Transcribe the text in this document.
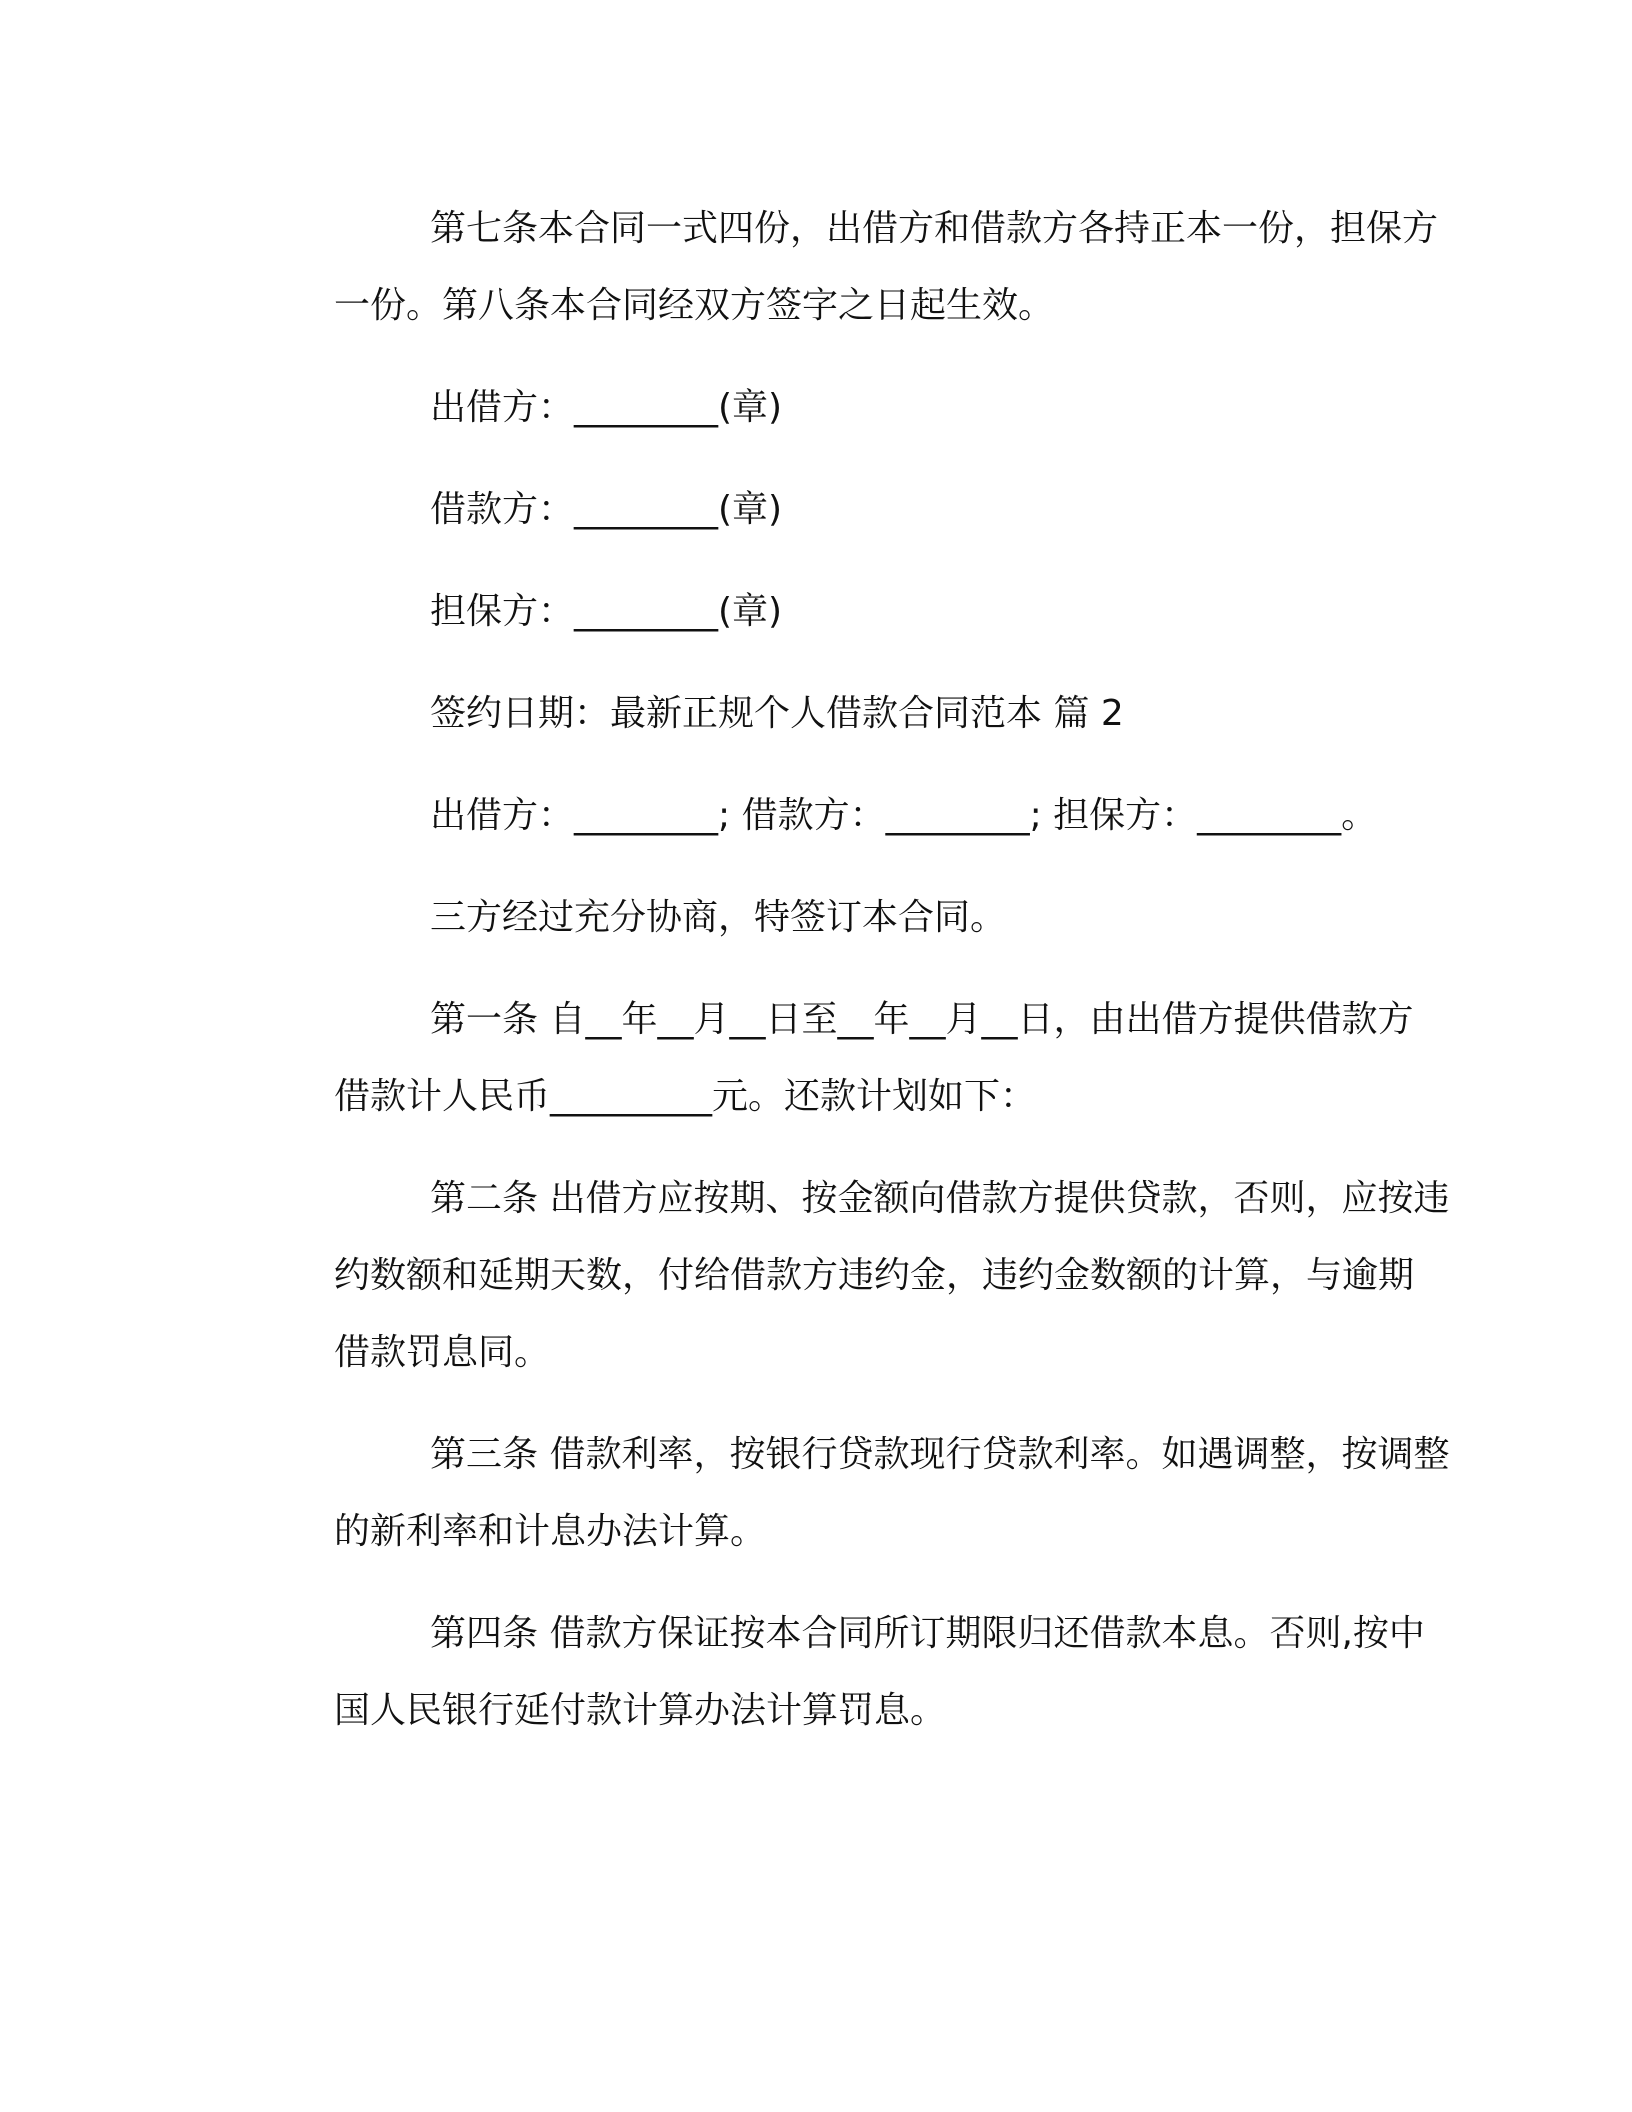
第七条本合同一式四份，出借方和借款方各持正本一份，担保方
一份。第八条本合同经双方签字之日起生效。

出借方：________(章)

借款方：________(章)

担保方：________(章)

签约日期：最新正规个人借款合同范本 篇 2

出借方：________; 借款方：________; 担保方：________。

三方经过充分协商，特签订本合同。

第一条 自__年__月__日至__年__月__日，由出借方提供借款方
借款计人民币_________元。还款计划如下：

第二条 出借方应按期、按金额向借款方提供贷款，否则，应按违
约数额和延期天数，付给借款方违约金，违约金数额的计算，与逾期
借款罚息同。

第三条 借款利率，按银行贷款现行贷款利率。如遇调整，按调整
的新利率和计息办法计算。

第四条 借款方保证按本合同所订期限归还借款本息。否则,按中
国人民银行延付款计算办法计算罚息。
